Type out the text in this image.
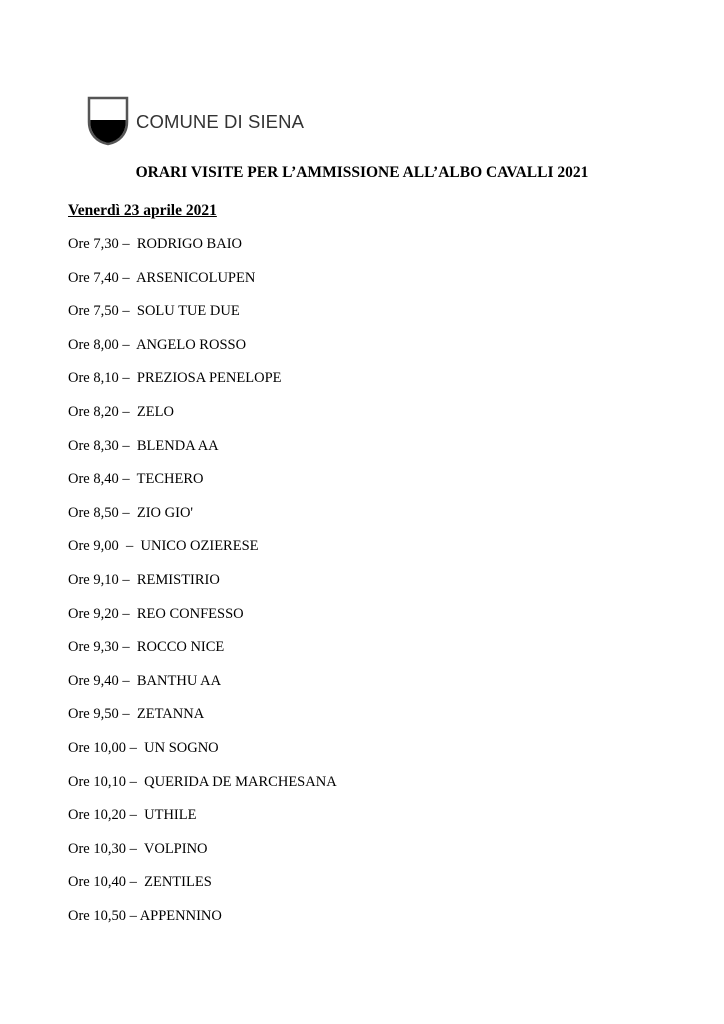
COMUNE DI SIENA
ORARI VISITE PER L’AMMISSIONE ALL’ALBO CAVALLI 2021
Venerdì 23 aprile 2021
Ore 7,30 –  RODRIGO BAIO
Ore 7,40 –  ARSENICOLUPEN
Ore 7,50 –  SOLU TUE DUE
Ore 8,00 –  ANGELO ROSSO
Ore 8,10 –  PREZIOSA PENELOPE
Ore 8,20 –  ZELO
Ore 8,30 –  BLENDA AA
Ore 8,40 –  TECHERO
Ore 8,50 –  ZIO GIO'
Ore 9,00  –  UNICO OZIERESE
Ore 9,10 –  REMISTIRIO
Ore 9,20 –  REO CONFESSO
Ore 9,30 –  ROCCO NICE
Ore 9,40 –  BANTHU AA
Ore 9,50 –  ZETANNA
Ore 10,00 –  UN SOGNO
Ore 10,10 –  QUERIDA DE MARCHESANA
Ore 10,20 –  UTHILE
Ore 10,30 –  VOLPINO
Ore 10,40 –  ZENTILES
Ore 10,50 – APPENNINO
